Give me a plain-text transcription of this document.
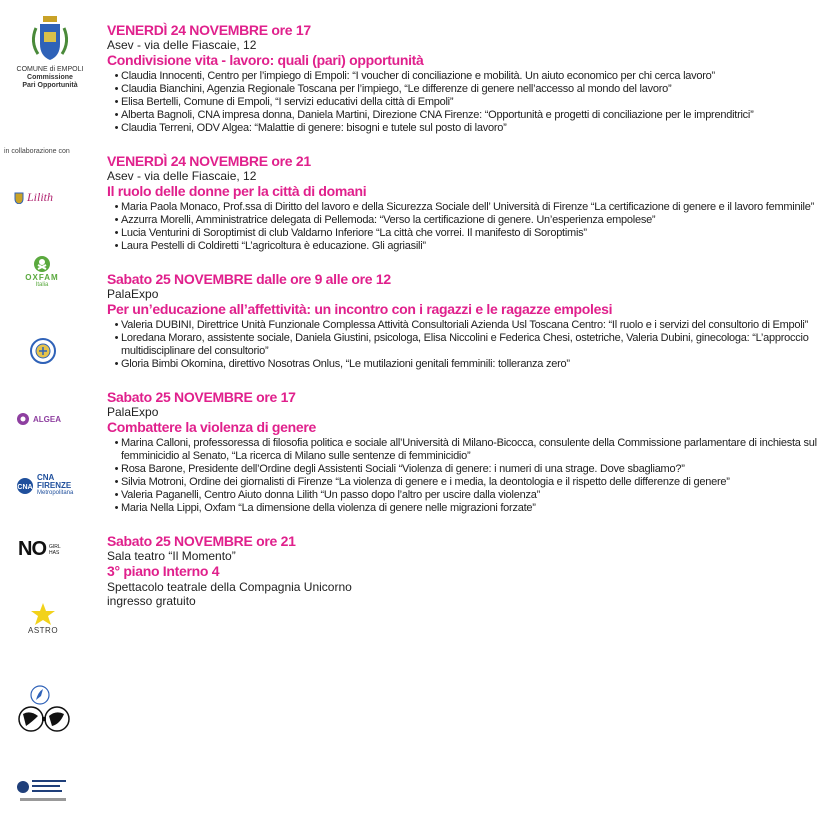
COMUNE di EMPOLI
Commissione
Pari Opportunità
in collaborazione con
Lilith
OXFAM
Italia
ALGEA
CNA
CNA
FIRENZE
Metropolitana
NO GIRL HAS
ASTRO
VENERDÌ 24 NOVEMBRE ore 17
Asev - via delle Fiascaie, 12
Condivisione vita - lavoro: quali (pari) opportunità
• Claudia Innocenti, Centro per l’impiego di Empoli: “I voucher di conciliazione e mobilità. Un aiuto economico per chi cerca lavoro”
• Claudia Bianchini, Agenzia Regionale Toscana per l’impiego, “Le differenze di genere nell’accesso al mondo del lavoro”
• Elisa Bertelli, Comune di Empoli, “I servizi educativi della città di Empoli”
• Alberta Bagnoli, CNA impresa donna, Daniela Martini, Direzione CNA Firenze: “Opportunità e progetti di conciliazione per le imprenditrici”
• Claudia Terreni, ODV Algea: “Malattie di genere: bisogni e tutele sul posto di lavoro”
VENERDÌ 24 NOVEMBRE ore 21
Asev - via delle Fiascaie, 12
Il ruolo delle donne per la città di domani
• Maria Paola Monaco, Prof.ssa di Diritto del lavoro e della Sicurezza Sociale dell’ Università di Firenze “La certificazione di genere e il lavoro femminile”
• Azzurra Morelli, Amministratrice delegata di Pellemoda: “Verso la certificazione di genere. Un’esperienza empolese”
• Lucia Venturini di Soroptimist di club Valdarno Inferiore “La città che vorrei. Il manifesto di Soroptimis”
• Laura Pestelli di Coldiretti “L’agricoltura è educazione. Gli agriasili”
Sabato 25 NOVEMBRE dalle ore 9 alle ore 12
PalaExpo
Per un’educazione all’affettività: un incontro con i ragazzi e le ragazze empolesi
• Valeria DUBINI, Direttrice Unità Funzionale Complessa Attività Consultoriali Azienda Usl Toscana Centro: “Il ruolo e i servizi del consultorio di Empoli”
• Loredana Moraro, assistente sociale, Daniela Giustini, psicologa, Elisa Niccolini e Federica Chesi, ostetriche, Valeria Dubini, ginecologa: “L’approccio multidisciplinare del consultorio”
• Gloria Bimbi Okomina, direttivo Nosotras Onlus, “Le mutilazioni genitali femminili: tolleranza zero”
Sabato 25 NOVEMBRE ore 17
PalaExpo
Combattere la violenza di genere
• Marina Calloni, professoressa di filosofia politica e sociale all’Università di Milano-Bicocca, consulente della Commissione parlamentare di inchiesta sul femminicidio al Senato, “La ricerca di Milano sulle sentenze di femminicidio”
• Rosa Barone, Presidente dell’Ordine degli Assistenti Sociali “Violenza di genere: i numeri di una strage. Dove sbagliamo?”
• Silvia Motroni, Ordine dei giornalisti di Firenze “La violenza di genere e i media, la deontologia e il rispetto delle differenze di genere”
• Valeria Paganelli, Centro Aiuto donna Lilith “Un passo dopo l’altro per uscire dalla violenza”
• Maria Nella Lippi, Oxfam “La dimensione della violenza di genere nelle migrazioni forzate”
Sabato 25 NOVEMBRE ore 21
Sala teatro “Il Momento”
3° piano Interno 4
Spettacolo teatrale della Compagnia Unicorno
ingresso gratuito
